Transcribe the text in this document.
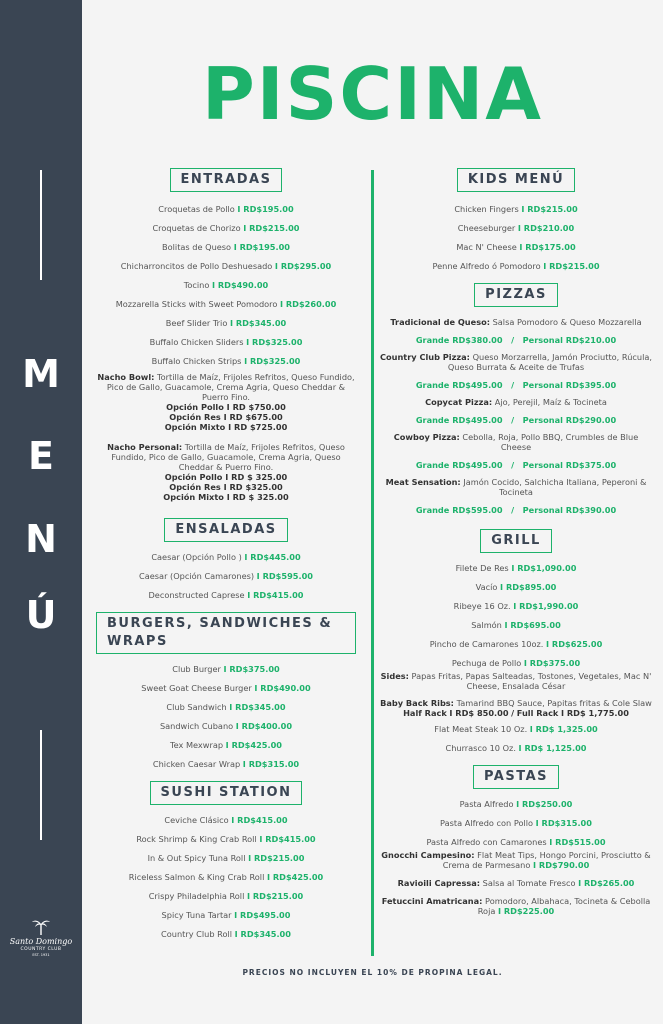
M
E
N
Ú
Santo Domingo
COUNTRY CLUB
EST. 1931
PISCINA
ENTRADAS
Croquetas de Pollo I RD$195.00
Croquetas de Chorizo I RD$215.00
Bolitas de Queso I RD$195.00
Chicharroncitos de Pollo Deshuesado I RD$295.00
Tocino I RD$490.00
Mozzarella Sticks with Sweet Pomodoro I RD$260.00
Beef Slider Trio I RD$345.00
Buffalo Chicken Sliders I RD$325.00
Buffalo Chicken Strips I RD$325.00
Nacho Bowl: Tortilla de Maíz, Frijoles Refritos, Queso Fundido, Pico de Gallo, Guacamole, Crema Agria, Queso Cheddar & Puerro Fino.
Opción Pollo I RD $750.00
Opción Res I RD $675.00
Opción Mixto I RD $725.00
Nacho Personal: Tortilla de Maíz, Frijoles Refritos, Queso Fundido, Pico de Gallo, Guacamole, Crema Agria, Queso Cheddar & Puerro Fino.
Opción Pollo I RD $ 325.00
Opción Res I RD $325.00
Opción Mixto I RD $ 325.00
ENSALADAS
Caesar (Opción Pollo ) I RD$445.00
Caesar (Opción Camarones) I RD$595.00
Deconstructed Caprese I RD$415.00
BURGERS, SANDWICHES & WRAPS
Club Burger I RD$375.00
Sweet Goat Cheese Burger I RD$490.00
Club Sandwich I RD$345.00
Sandwich Cubano I RD$400.00
Tex Mexwrap I RD$425.00
Chicken Caesar Wrap I RD$315.00
SUSHI STATION
Ceviche Clásico I RD$415.00
Rock Shrimp & King Crab Roll I RD$415.00
In & Out Spicy Tuna Roll I RD$215.00
Riceless Salmon & King Crab Roll I RD$425.00
Crispy Philadelphia Roll I RD$215.00
Spicy Tuna Tartar I RD$495.00
Country Club Roll I RD$345.00
KIDS MENÚ
Chicken Fingers I RD$215.00
Cheeseburger I RD$210.00
Mac N' Cheese I RD$175.00
Penne Alfredo ó Pomodoro I RD$215.00
PIZZAS
Tradicional de Queso: Salsa Pomodoro & Queso Mozzarella
Grande RD$380.00   /   Personal RD$210.00
Country Club Pizza: Queso Morzarrella, Jamón Prociutto, Rúcula, Queso Burrata & Aceite de Trufas
Grande RD$495.00   /   Personal RD$395.00
Copycat Pizza: Ajo, Perejil, Maíz & Tocineta
Grande RD$495.00   /   Personal RD$290.00
Cowboy Pizza: Cebolla, Roja, Pollo BBQ, Crumbles de Blue Cheese
Grande RD$495.00   /   Personal RD$375.00
Meat Sensation: Jamón Cocido, Salchicha Italiana, Peperoni & Tocineta
Grande RD$595.00   /   Personal RD$390.00
GRILL
Filete De Res I RD$1,090.00
Vacío I RD$895.00
Ribeye 16 Oz. I RD$1,990.00
Salmón I RD$695.00
Pincho de Camarones 10oz. I RD$625.00
Pechuga de Pollo I RD$375.00
Sides: Papas Fritas, Papas Salteadas, Tostones, Vegetales, Mac N' Cheese, Ensalada César
Baby Back Ribs: Tamarind BBQ Sauce, Papitas fritas & Cole Slaw
Half Rack I RD$ 850.00 / Full Rack I RD$ 1,775.00
Flat Meat Steak 10 Oz. I RD$ 1,325.00
Churrasco 10 Oz. I RD$ 1,125.00
PASTAS
Pasta Alfredo I RD$250.00
Pasta Alfredo con Pollo I RD$315.00
Pasta Alfredo con Camarones I RD$515.00
Gnocchi Campesino: Flat Meat Tips, Hongo Porcini, Prosciutto & Crema de Parmesano I RD$790.00
Ravioili Capressa: Salsa al Tomate Fresco I RD$265.00
Fetuccini Amatricana: Pomodoro, Albahaca, Tocineta & Cebolla Roja I RD$225.00
PRECIOS NO INCLUYEN EL 10% DE PROPINA LEGAL.
